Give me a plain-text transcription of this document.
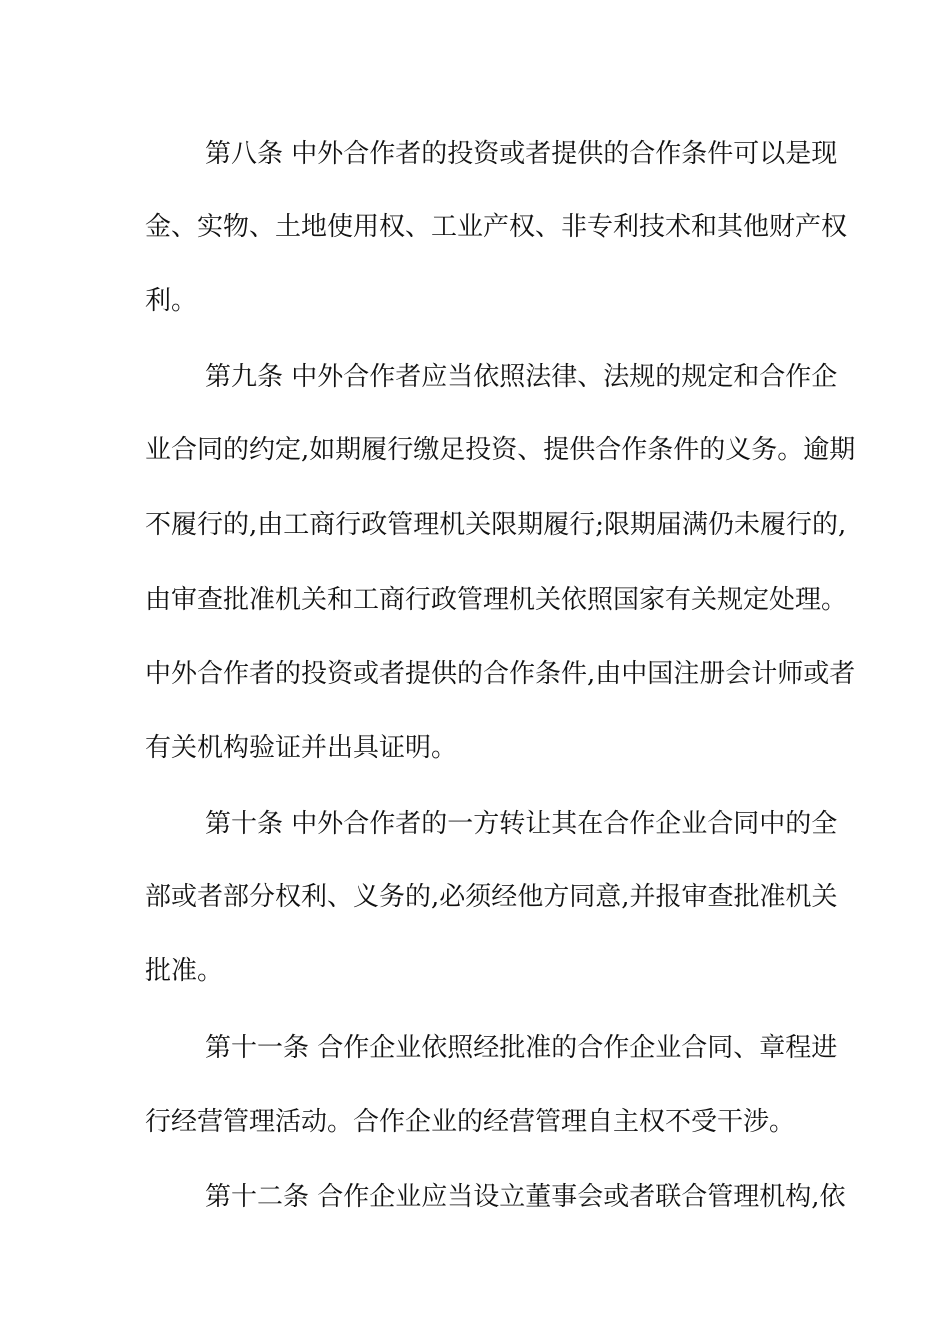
第八条 中外合作者的投资或者提供的合作条件可以是现
金、实物、土地使用权、工业产权、非专利技术和其他财产权
利。
第九条 中外合作者应当依照法律、法规的规定和合作企
业合同的约定,如期履行缴足投资、提供合作条件的义务。逾期
不履行的,由工商行政管理机关限期履行;限期届满仍未履行的,
由审查批准机关和工商行政管理机关依照国家有关规定处理。
中外合作者的投资或者提供的合作条件,由中国注册会计师或者
有关机构验证并出具证明。
第十条 中外合作者的一方转让其在合作企业合同中的全
部或者部分权利、义务的,必须经他方同意,并报审查批准机关
批准。
第十一条 合作企业依照经批准的合作企业合同、章程进
行经营管理活动。合作企业的经营管理自主权不受干涉。
第十二条 合作企业应当设立董事会或者联合管理机构,依
